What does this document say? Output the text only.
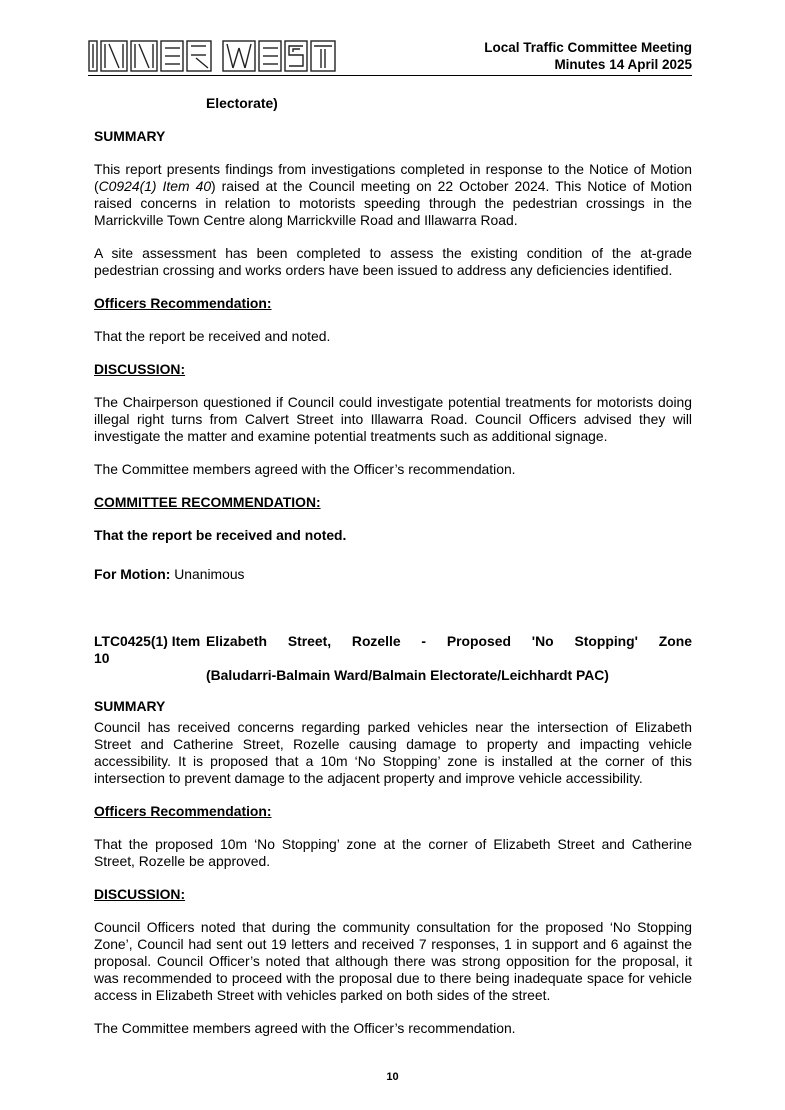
Local Traffic Committee Meeting
Minutes 14 April 2025

Electorate)

SUMMARY

This report presents findings from investigations completed in response to the Notice of Motion (C0924(1) Item 40) raised at the Council meeting on 22 October 2024. This Notice of Motion raised concerns in relation to motorists speeding through the pedestrian crossings in the Marrickville Town Centre along Marrickville Road and Illawarra Road.

A site assessment has been completed to assess the existing condition of the at-grade pedestrian crossing and works orders have been issued to address any deficiencies identified.

Officers Recommendation:

That the report be received and noted.

DISCUSSION:

The Chairperson questioned if Council could investigate potential treatments for motorists doing illegal right turns from Calvert Street into Illawarra Road. Council Officers advised they will investigate the matter and examine potential treatments such as additional signage.

The Committee members agreed with the Officer’s recommendation.

COMMITTEE RECOMMENDATION:

That the report be received and noted.

For Motion: Unanimous

LTC0425(1) Item 10
Elizabeth Street, Rozelle - Proposed 'No Stopping' Zone

(Baludarri-Balmain Ward/Balmain Electorate/Leichhardt PAC)

SUMMARY

Council has received concerns regarding parked vehicles near the intersection of Elizabeth Street and Catherine Street, Rozelle causing damage to property and impacting vehicle accessibility. It is proposed that a 10m ‘No Stopping’ zone is installed at the corner of this intersection to prevent damage to the adjacent property and improve vehicle accessibility.

Officers Recommendation:

That the proposed 10m ‘No Stopping’ zone at the corner of Elizabeth Street and Catherine Street, Rozelle be approved.

DISCUSSION:

Council Officers noted that during the community consultation for the proposed ‘No Stopping Zone’, Council had sent out 19 letters and received 7 responses, 1 in support and 6 against the proposal. Council Officer’s noted that although there was strong opposition for the proposal, it was recommended to proceed with the proposal due to there being inadequate space for vehicle access in Elizabeth Street with vehicles parked on both sides of the street.

The Committee members agreed with the Officer’s recommendation.

10
